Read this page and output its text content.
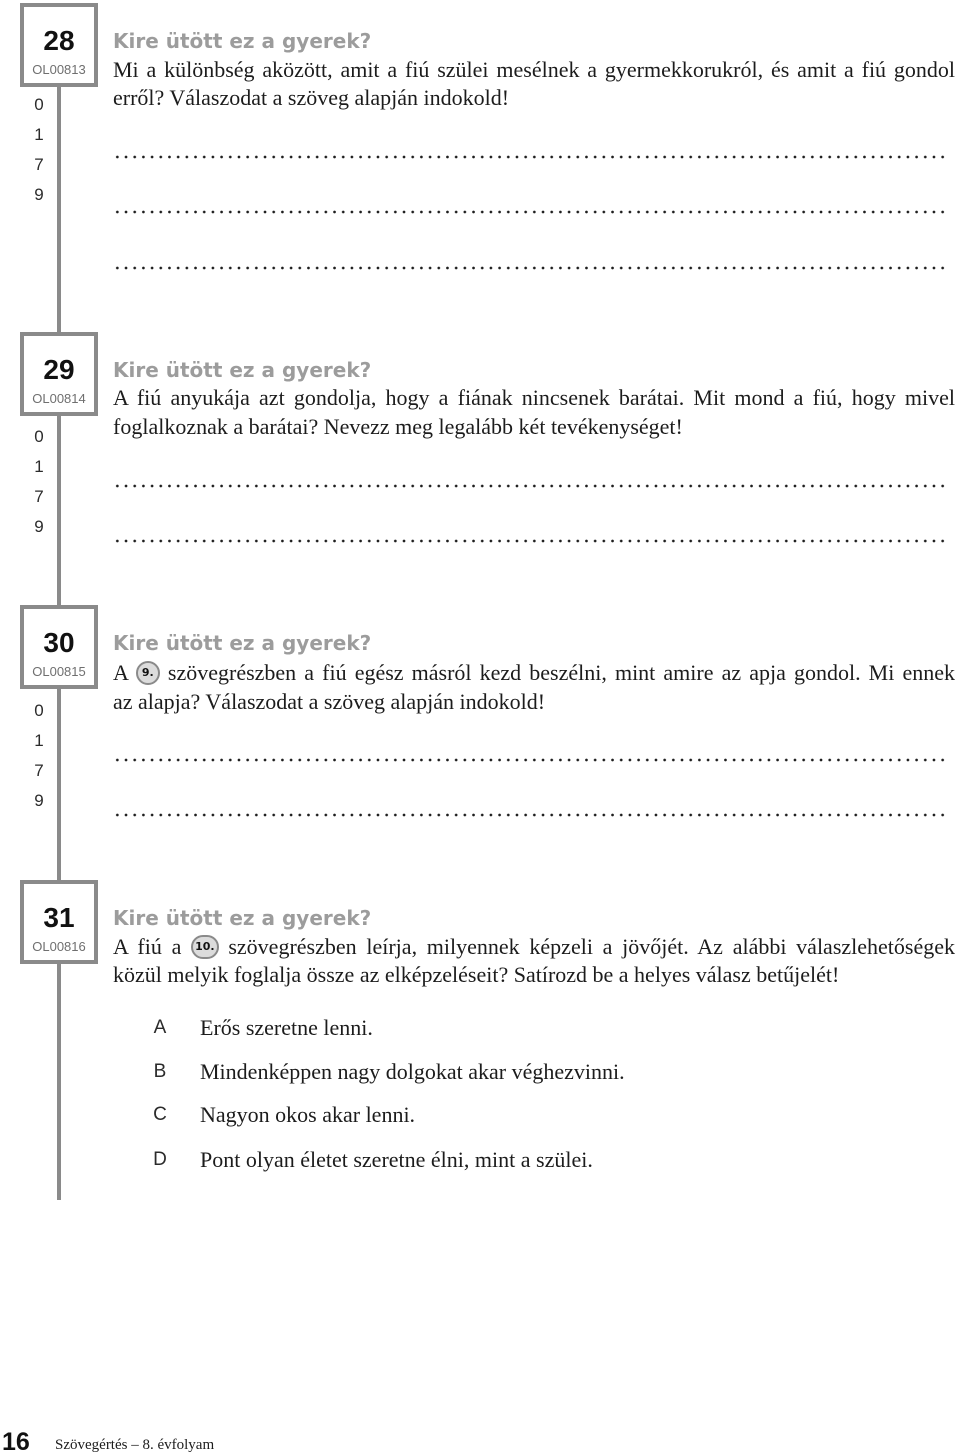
28
OL00813
0
1
7
9
Kire ütött ez a gyerek?
Mi a különbség aközött, amit a fiú szülei mesélnek a gyermekkorukról, és amit a fiú gondol
erről? Válaszodat a szöveg alapján indokold!
29
OL00814
0
1
7
9
Kire ütött ez a gyerek?
A fiú anyukája azt gondolja, hogy a fiának nincsenek barátai. Mit mond a fiú, hogy mivel
foglalkoznak a barátai? Nevezz meg legalább két tevékenységet!
30
OL00815
0
1
7
9
Kire ütött ez a gyerek?
A 9. szövegrészben a fiú egész másról kezd beszélni, mint amire az apja gondol. Mi ennek
az alapja? Válaszodat a szöveg alapján indokold!
31
OL00816
Kire ütött ez a gyerek?
A fiú a 10. szövegrészben leírja, milyennek képzeli a jövőjét. Az alábbi válaszlehetőségek
közül melyik foglalja össze az elképzeléseit? Satírozd be a helyes válasz betűjelét!
A Erős szeretne lenni.
B Mindenképpen nagy dolgokat akar véghezvinni.
C Nagyon okos akar lenni.
D Pont olyan életet szeretne élni, mint a szülei.
16 Szövegértés – 8. évfolyam
